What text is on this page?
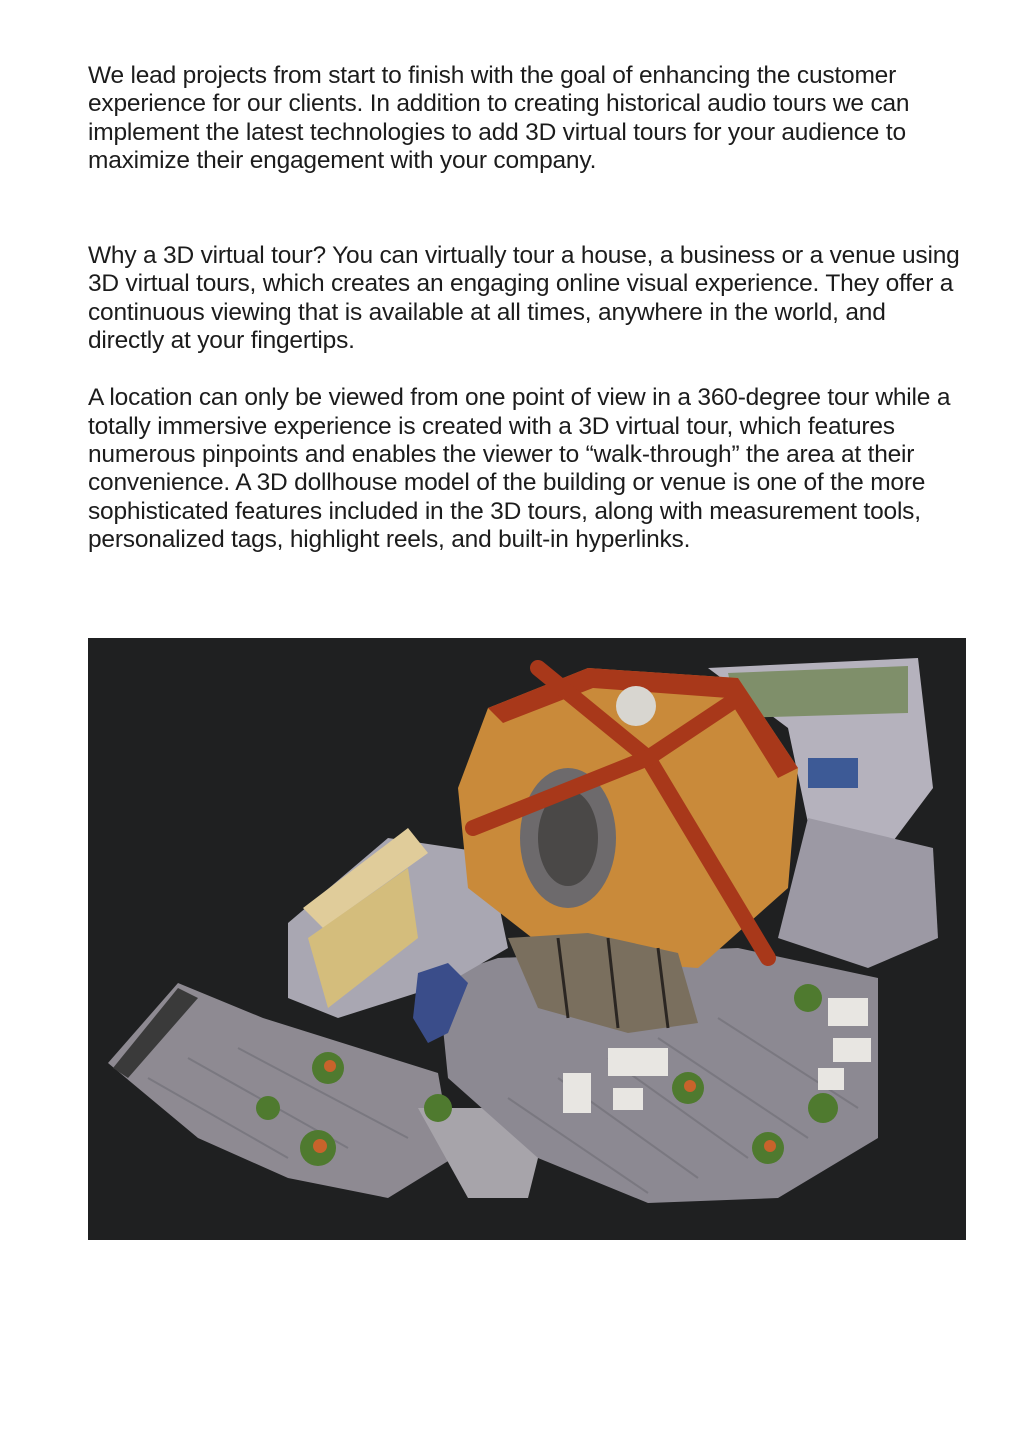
We lead projects from start to finish with the goal of enhancing the customer experience for our clients. In addition to creating historical audio tours we can implement the latest technologies to add 3D virtual tours for your audience to maximize their engagement with your company.

Why a 3D virtual tour? You can virtually tour a house, a business or a venue using 3D virtual tours, which creates an engaging online visual experience. They offer a continuous viewing that is available at all times, anywhere in the world, and directly at your fingertips.

A location can only be viewed from one point of view in a 360-degree tour while a totally immersive experience is created with a 3D virtual tour, which features numerous pinpoints and enables the viewer to “walk-through” the area at their convenience. A 3D dollhouse model of the building or venue is one of the more sophisticated features included in the 3D tours, along with measurement tools, personalized tags, highlight reels, and built-in hyperlinks.
